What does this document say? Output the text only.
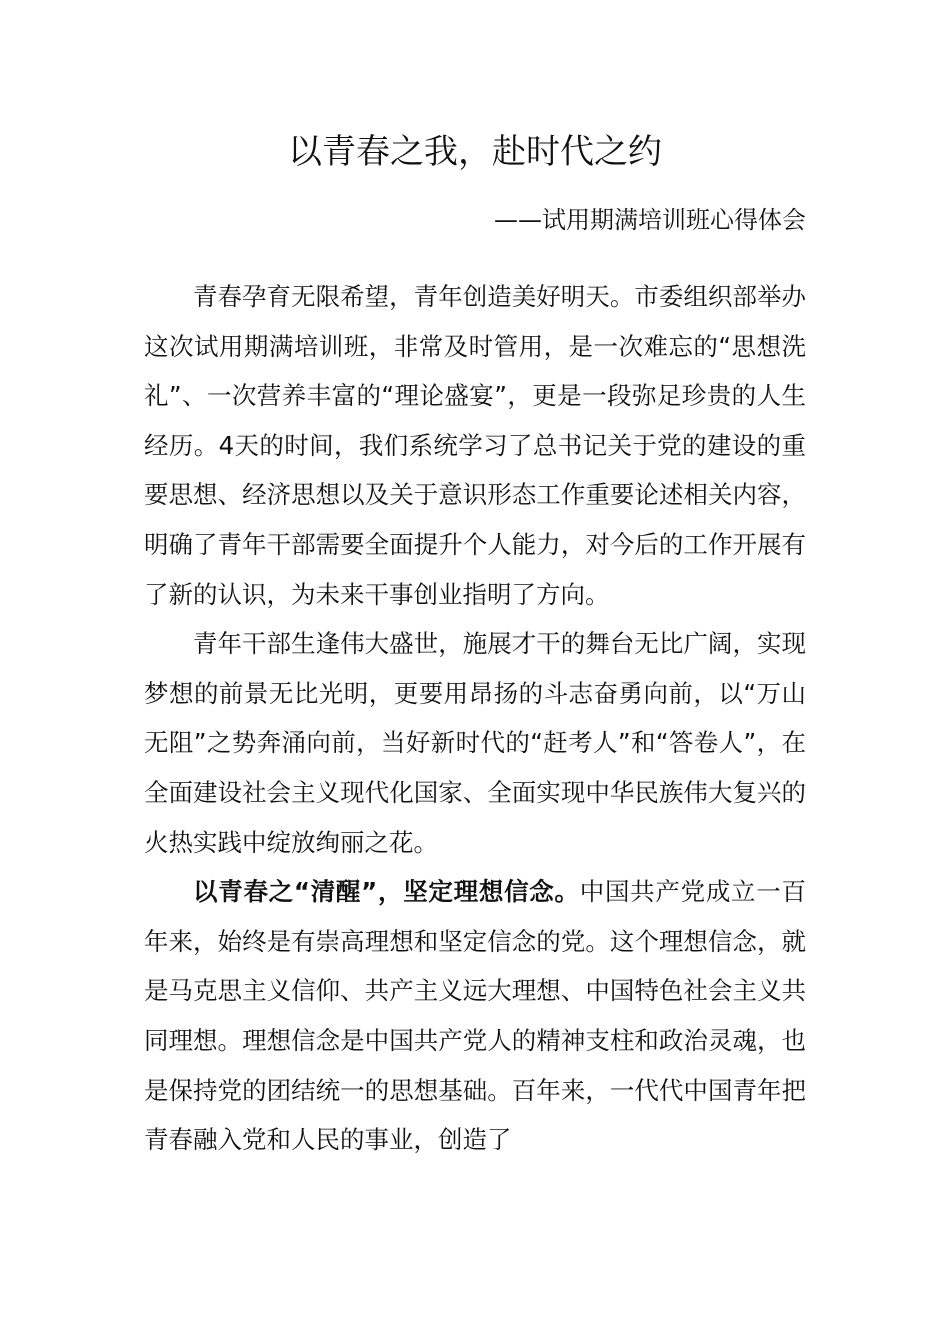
以青春之我，赴时代之约

——试用期满培训班心得体会

青春孕育无限希望，青年创造美好明天。市委组织部举办这次试用期满培训班，非常及时管用，是一次难忘的“思想洗礼”、一次营养丰富的“理论盛宴”，更是一段弥足珍贵的人生经历。4天的时间，我们系统学习了总书记关于党的建设的重要思想、经济思想以及关于意识形态工作重要论述相关内容，明确了青年干部需要全面提升个人能力，对今后的工作开展有了新的认识，为未来干事创业指明了方向。

青年干部生逢伟大盛世，施展才干的舞台无比广阔，实现梦想的前景无比光明，更要用昂扬的斗志奋勇向前，以“万山无阻”之势奔涌向前，当好新时代的“赶考人”和“答卷人”，在全面建设社会主义现代化国家、全面实现中华民族伟大复兴的火热实践中绽放绚丽之花。

以青春之“清醒”，坚定理想信念。中国共产党成立一百年来，始终是有崇高理想和坚定信念的党。这个理想信念，就是马克思主义信仰、共产主义远大理想、中国特色社会主义共同理想。理想信念是中国共产党人的精神支柱和政治灵魂，也是保持党的团结统一的思想基础。百年来，一代代中国青年把青春融入党和人民的事业，创造了
